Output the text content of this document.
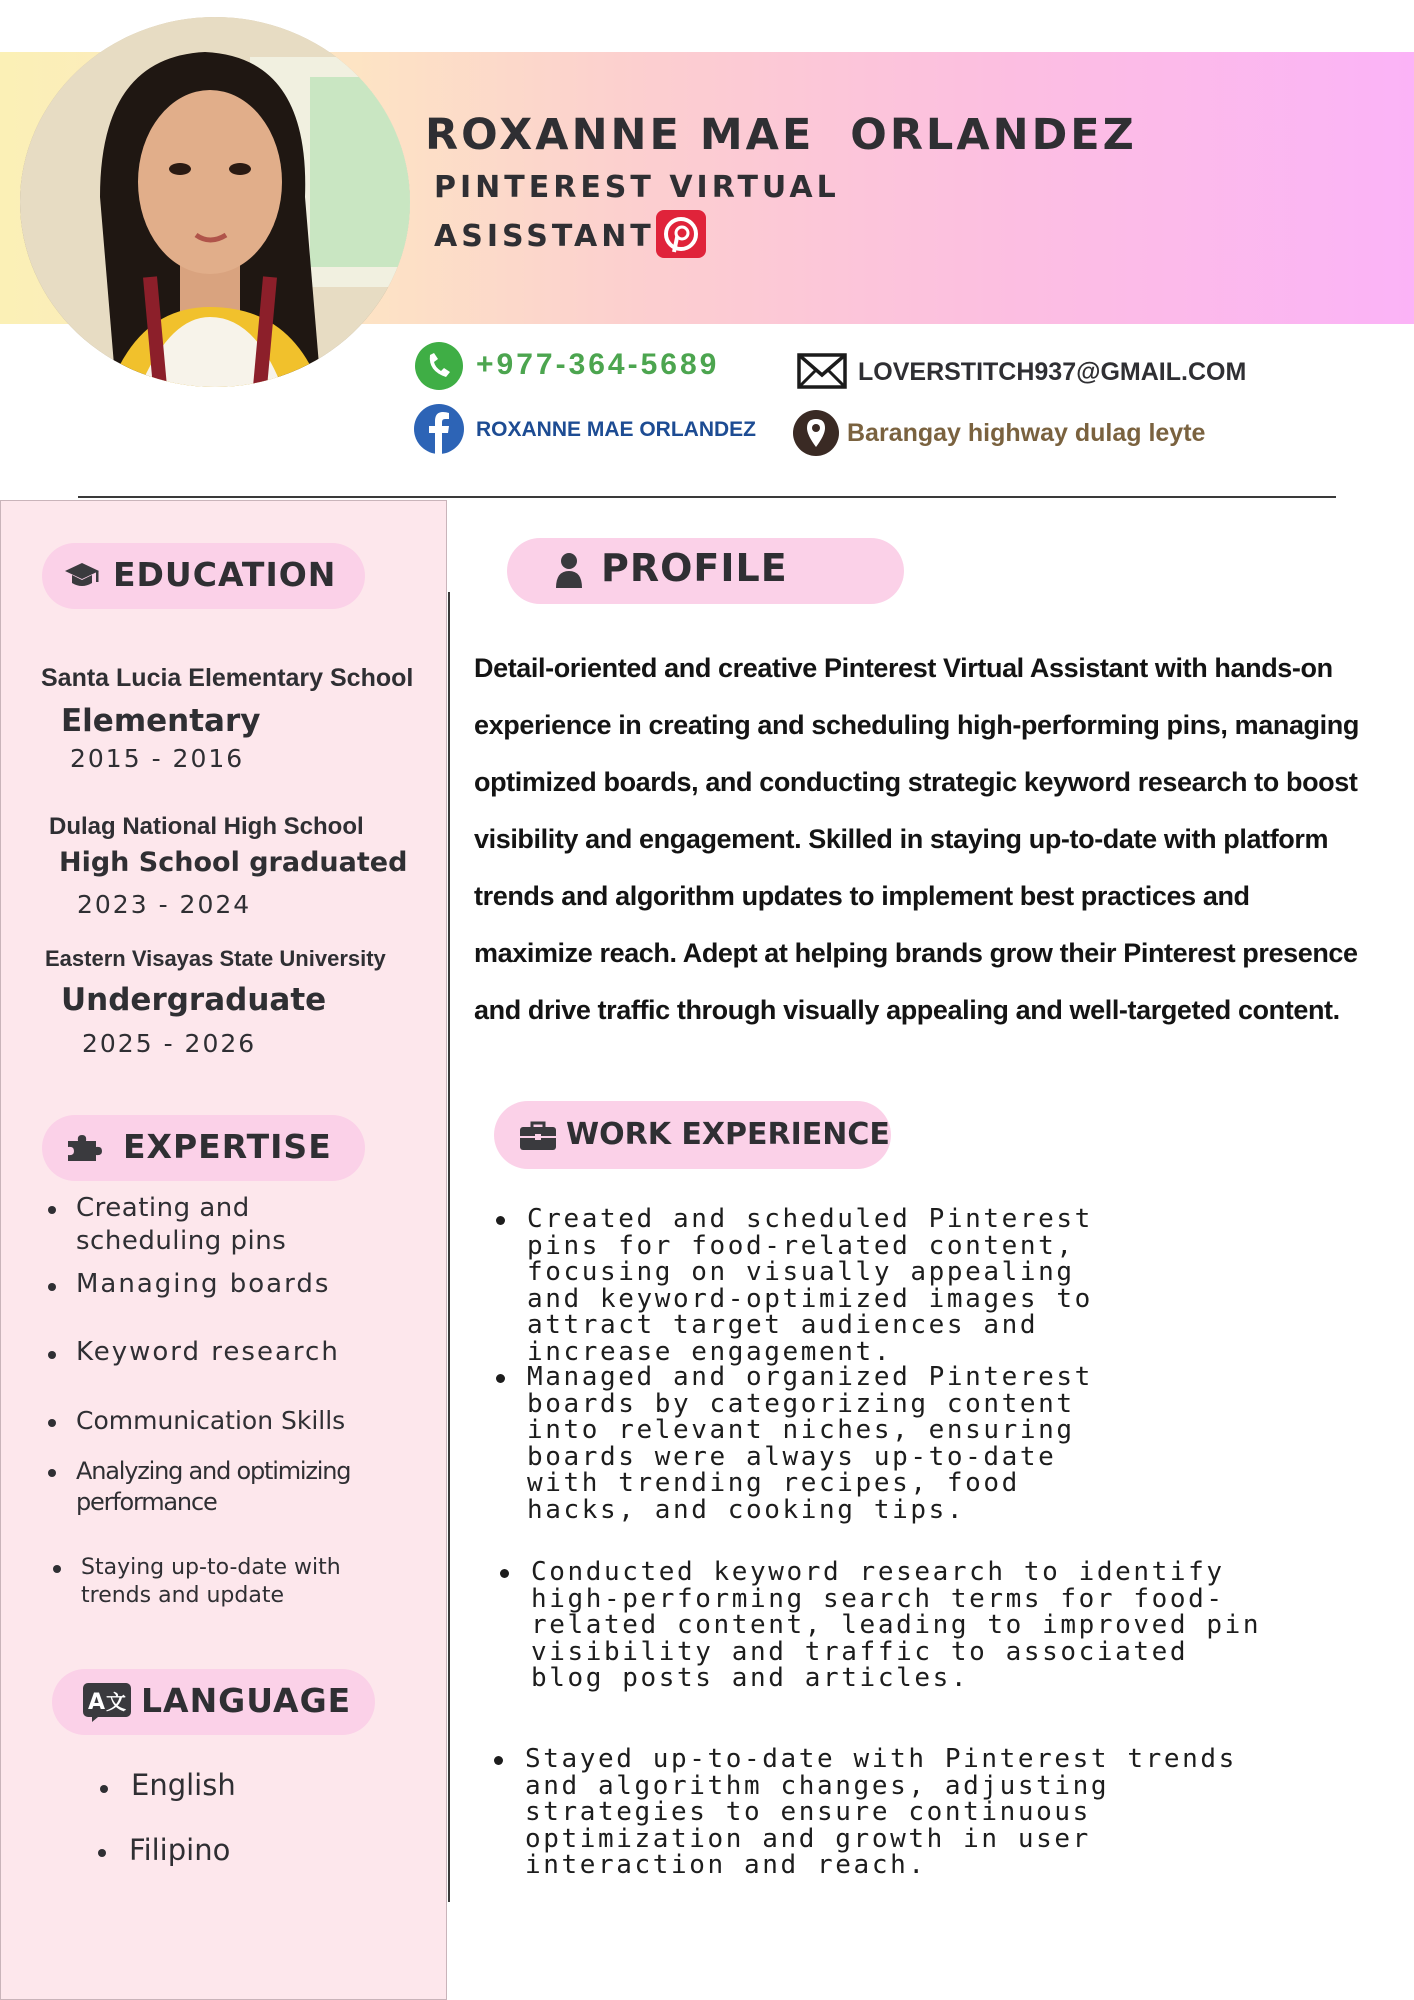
ROXANNE MAE  ORLANDEZ
PINTEREST VIRTUAL
ASISSTANT
+977-364-5689	LOVERSTITCH937@GMAIL.COM
ROXANNE MAE ORLANDEZ	Barangay highway dulag leyte
EDUCATION
Santa Lucia Elementary School
Elementary
2015 - 2016
Dulag National High School
High School graduated
2023 - 2024
Eastern Visayas State University
Undergraduate
2025 - 2026
EXPERTISE
Creating and scheduling pins
Managing boards
Keyword research
Communication Skills
Analyzing and optimizing performance
Staying up-to-date with trends and update
A 文 LANGUAGE
English
Filipino
PROFILE
Detail-oriented and creative Pinterest Virtual Assistant with hands-on experience in creating and scheduling high-performing pins, managing optimized boards, and conducting strategic keyword research to boost visibility and engagement. Skilled in staying up-to-date with platform trends and algorithm updates to implement best practices and maximize reach. Adept at helping brands grow their Pinterest presence and drive traffic through visually appealing and well-targeted content.
WORK EXPERIENCE
Created and scheduled Pinterest pins for food-related content, focusing on visually appealing and keyword-optimized images to attract target audiences and increase engagement.
Managed and organized Pinterest boards by categorizing content into relevant niches, ensuring boards were always up-to-date with trending recipes, food hacks, and cooking tips.
Conducted keyword research to identify high-performing search terms for food-related content, leading to improved pin visibility and traffic to associated blog posts and articles.
Stayed up-to-date with Pinterest trends and algorithm changes, adjusting strategies to ensure continuous optimization and growth in user interaction and reach.
